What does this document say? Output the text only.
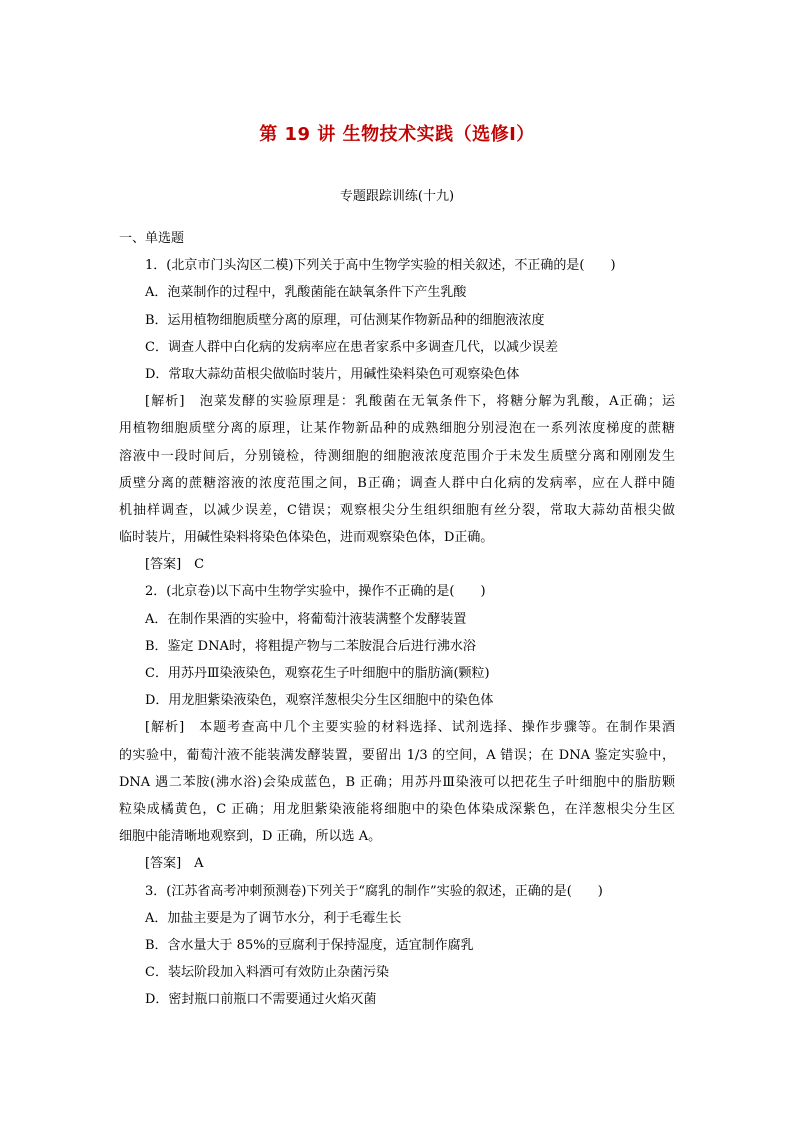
第 19 讲 生物技术实践（选修Ⅰ）
专题跟踪训练(十九)
一、单选题
1．(北京市门头沟区二模)下列关于高中生物学实验的相关叙述，不正确的是(　　)
A．泡菜制作的过程中，乳酸菌能在缺氧条件下产生乳酸
B．运用植物细胞质壁分离的原理，可估测某作物新品种的细胞液浓度
C．调查人群中白化病的发病率应在患者家系中多调查几代，以减少误差
D．常取大蒜幼苗根尖做临时装片，用碱性染料染色可观察染色体
[解析]　泡菜发酵的实验原理是：乳酸菌在无氧条件下，将糖分解为乳酸，A正确；运
用植物细胞质壁分离的原理，让某作物新品种的成熟细胞分别浸泡在一系列浓度梯度的蔗糖
溶液中一段时间后，分别镜检，待测细胞的细胞液浓度范围介于未发生质壁分离和刚刚发生
质壁分离的蔗糖溶液的浓度范围之间，B正确；调查人群中白化病的发病率，应在人群中随
机抽样调查，以减少误差，C错误；观察根尖分生组织细胞有丝分裂，常取大蒜幼苗根尖做
临时装片，用碱性染料将染色体染色，进而观察染色体，D正确。
[答案]　C
2．(北京卷)以下高中生物学实验中，操作不正确的是(　　)
A．在制作果酒的实验中，将葡萄汁液装满整个发酵装置
B．鉴定 DNA时，将粗提产物与二苯胺混合后进行沸水浴
C．用苏丹Ⅲ染液染色，观察花生子叶细胞中的脂肪滴(颗粒)
D．用龙胆紫染液染色，观察洋葱根尖分生区细胞中的染色体
[解析]　本题考查高中几个主要实验的材料选择、试剂选择、操作步骤等。在制作果酒
的实验中，葡萄汁液不能装满发酵装置，要留出 1/3 的空间，A 错误；在 DNA 鉴定实验中，
DNA 遇二苯胺(沸水浴)会染成蓝色，B 正确；用苏丹Ⅲ染液可以把花生子叶细胞中的脂肪颗
粒染成橘黄色，C 正确；用龙胆紫染液能将细胞中的染色体染成深紫色，在洋葱根尖分生区
细胞中能清晰地观察到，D 正确，所以选 A。
[答案]　A
3．(江苏省高考冲刺预测卷)下列关于“腐乳的制作”实验的叙述，正确的是(　　)
A．加盐主要是为了调节水分，利于毛霉生长
B．含水量大于 85%的豆腐利于保持湿度，适宜制作腐乳
C．装坛阶段加入料酒可有效防止杂菌污染
D．密封瓶口前瓶口不需要通过火焰灭菌
